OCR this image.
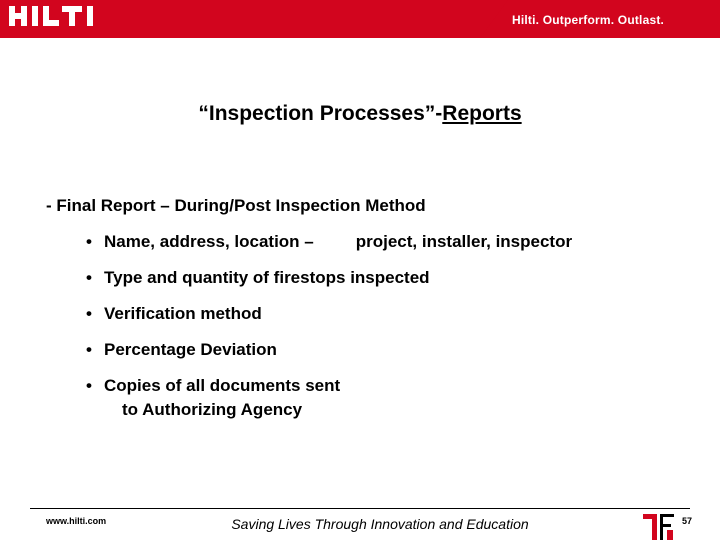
Hilti. Outperform. Outlast.
“Inspection Processes”-Reports
- Final Report – During/Post Inspection Method
• Name, address, location – project, installer, inspector
• Type and quantity of firestops inspected
• Verification method
• Percentage Deviation
• Copies of all documents sent
to Authorizing Agency
www.hilti.com	Saving Lives Through Innovation and Education	57
